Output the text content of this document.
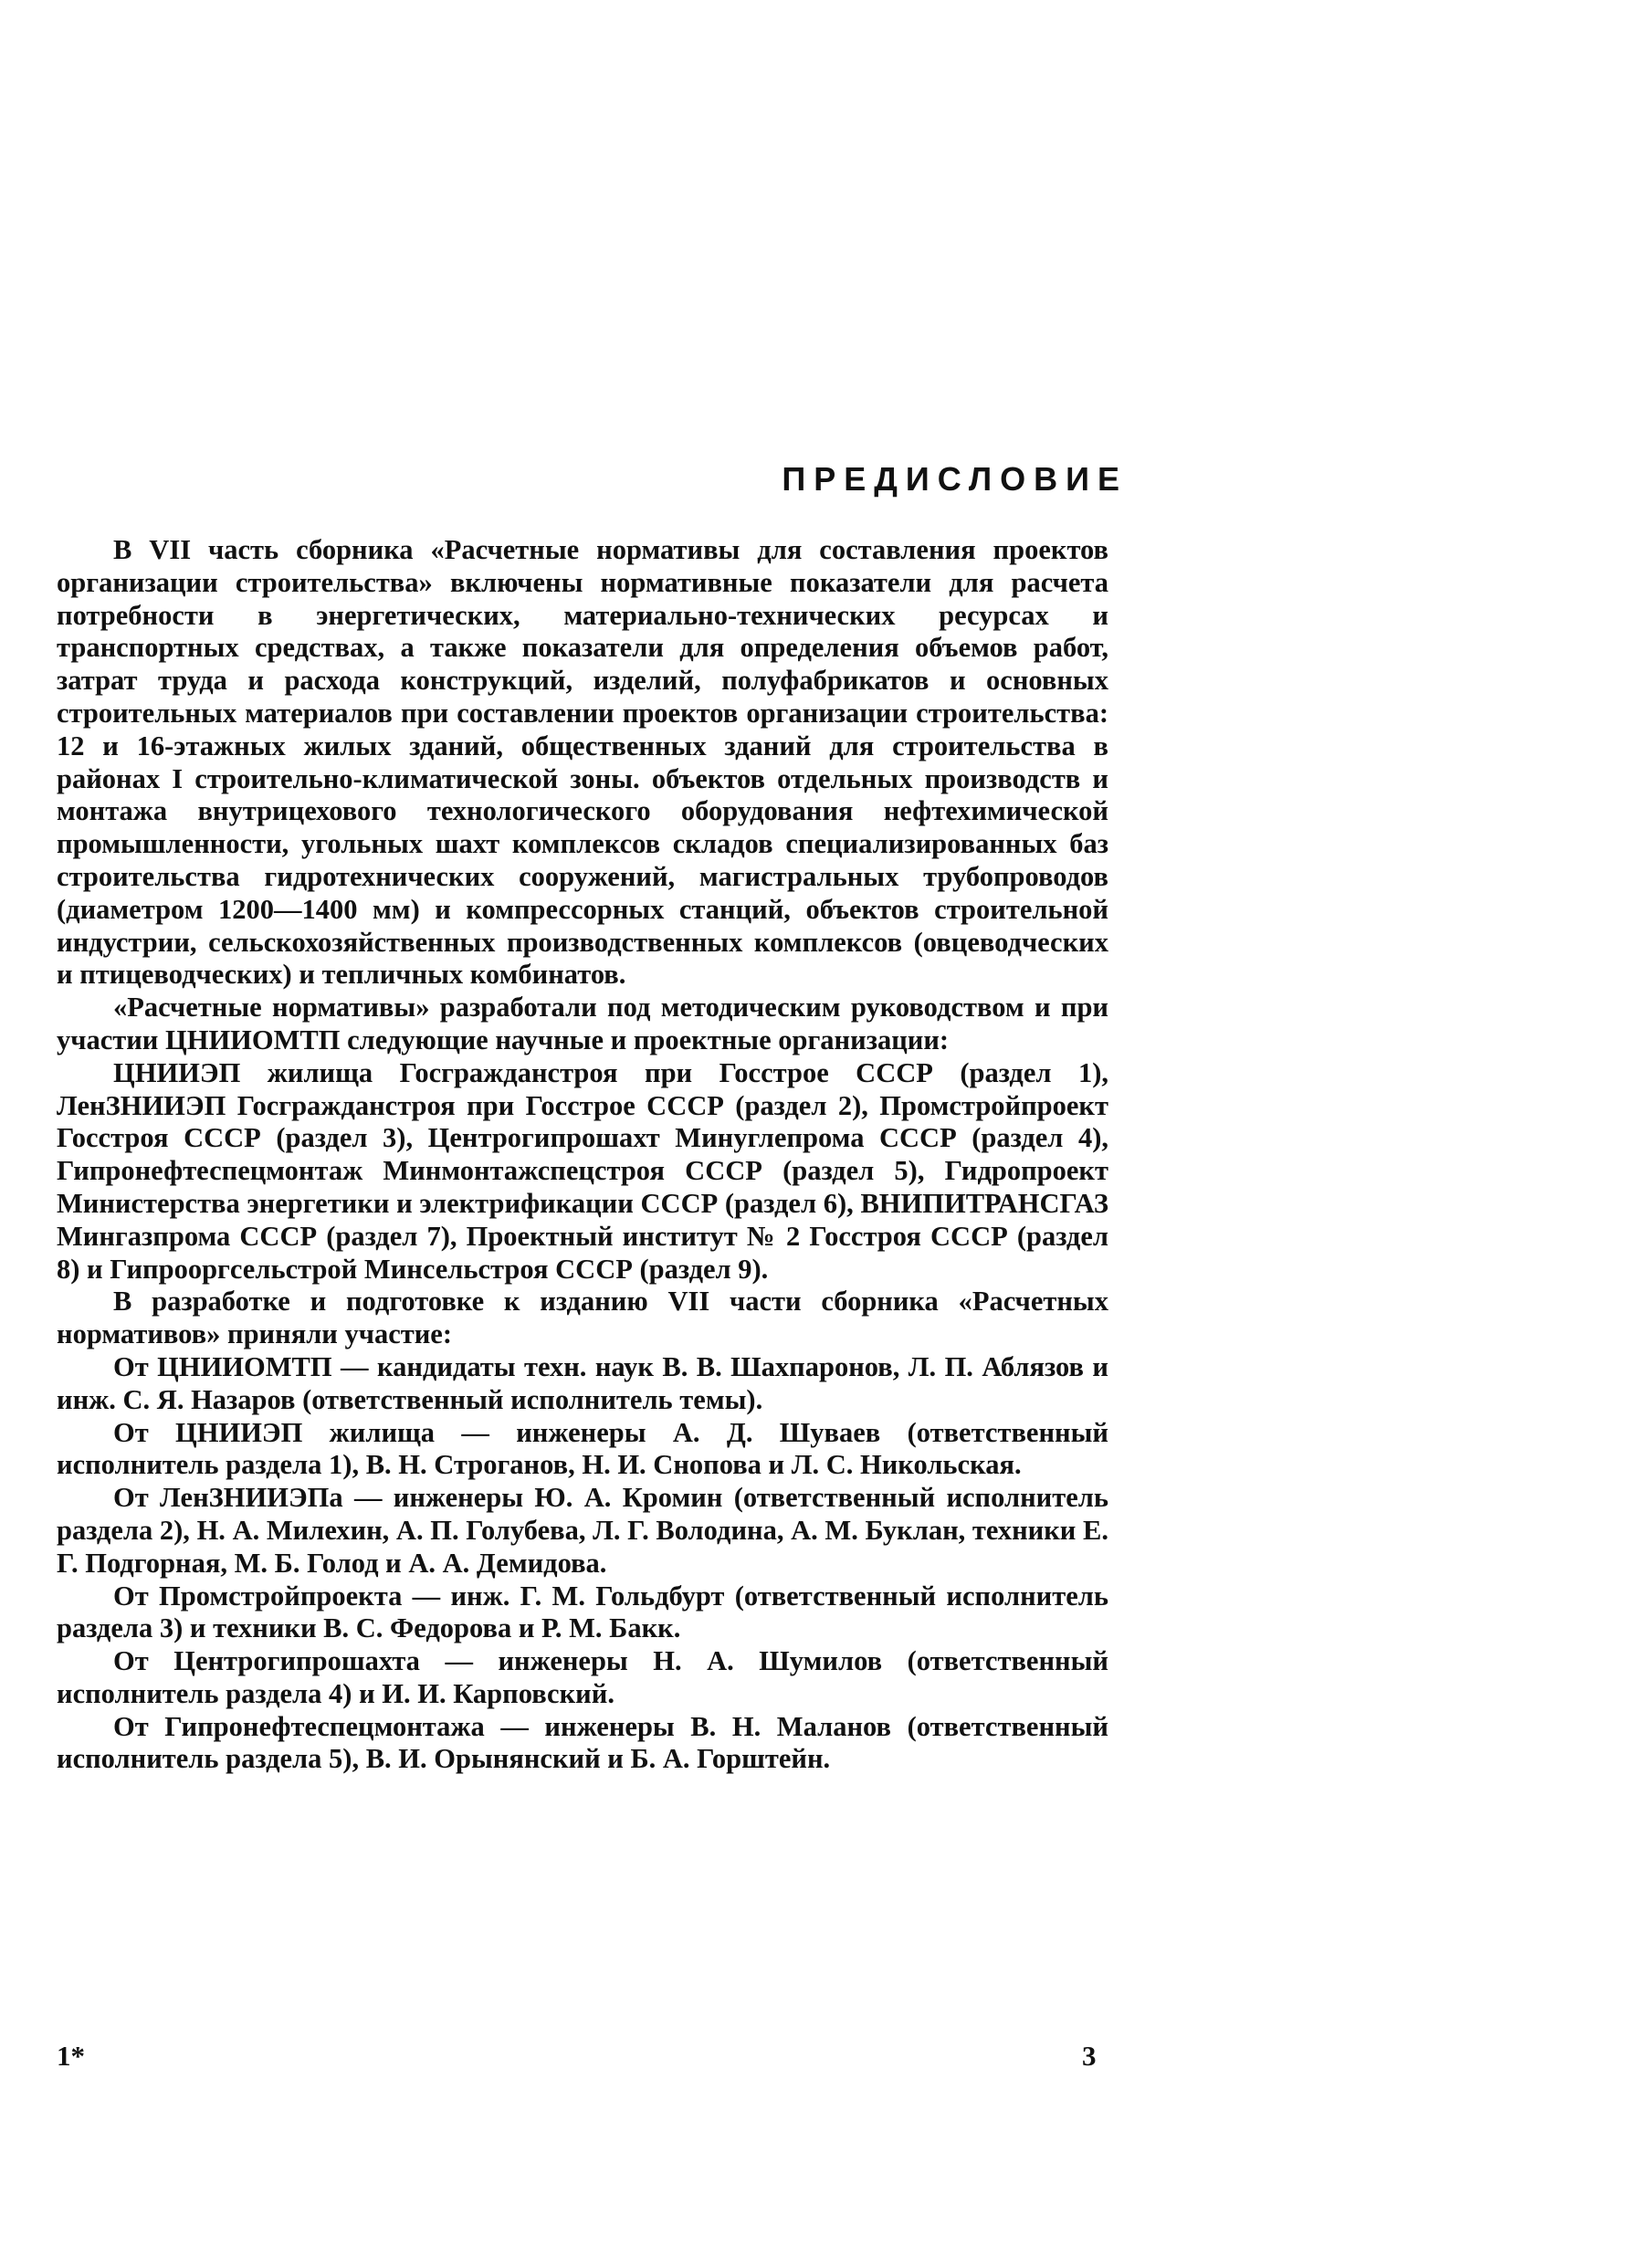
ПРЕДИСЛОВИЕ

В VII часть сборника «Расчетные нормативы для составления проектов организации строительства» включены нормативные показатели для расчета потребности в энергетических, материально-технических ресурсах и транспортных средствах, а также показатели для определения объемов работ, затрат труда и расхода конструкций, изделий, полуфабрикатов и основных строительных материалов при составлении проектов организации строительства: 12 и 16-этажных жилых зданий, общественных зданий для строительства в районах I строительно-климатической зоны. объектов отдельных производств и монтажа внутрицехового технологического оборудования нефтехимической промышленности, угольных шахт комплексов складов специализированных баз строительства гидротехнических сооружений, магистральных трубопроводов (диаметром 1200—1400 мм) и компрессорных станций, объектов строительной индустрии, сельскохозяйственных производственных комплексов (овцеводческих и птицеводческих) и тепличных комбинатов.

«Расчетные нормативы» разработали под методическим руководством и при участии ЦНИИОМТП следующие научные и проектные организации:

ЦНИИЭП жилища Госгражданстроя при Госстрое СССР (раздел 1), ЛенЗНИИЭП Госгражданстроя при Госстрое СССР (раздел 2), Промстройпроект Госстроя СССР (раздел 3), Центрогипрошахт Минуглепрома СССР (раздел 4), Гипронефтеспецмонтаж Минмонтажспецстроя СССР (раздел 5), Гидропроект Министерства энергетики и электрификации СССР (раздел 6), ВНИПИТРАНСГАЗ Мингазпрома СССР (раздел 7), Проектный институт № 2 Госстроя СССР (раздел 8) и Гипрооргсельстрой Минсельстроя СССР (раздел 9).

В разработке и подготовке к изданию VII части сборника «Расчетных нормативов» приняли участие:

От ЦНИИОМТП — кандидаты техн. наук В. В. Шахпаронов, Л. П. Аблязов и инж. С. Я. Назаров (ответственный исполнитель темы).

От ЦНИИЭП жилища — инженеры А. Д. Шуваев (ответственный исполнитель раздела 1), В. Н. Строганов, Н. И. Снопова и Л. С. Никольская.

От ЛенЗНИИЭПа — инженеры Ю. А. Кромин (ответственный исполнитель раздела 2), Н. А. Милехин, А. П. Голубева, Л. Г. Володина, А. М. Буклан, техники Е. Г. Подгорная, М. Б. Голод и А. А. Демидова.

От Промстройпроекта — инж. Г. М. Гольдбурт (ответственный исполнитель раздела 3) и техники В. С. Федорова и Р. М. Бакк.

От Центрогипрошахта — инженеры Н. А. Шумилов (ответственный исполнитель раздела 4) и И. И. Карповский.

От Гипронефтеспецмонтажа — инженеры В. Н. Маланов (ответственный исполнитель раздела 5), В. И. Орынянский и Б. А. Горштейн.

1*	3
